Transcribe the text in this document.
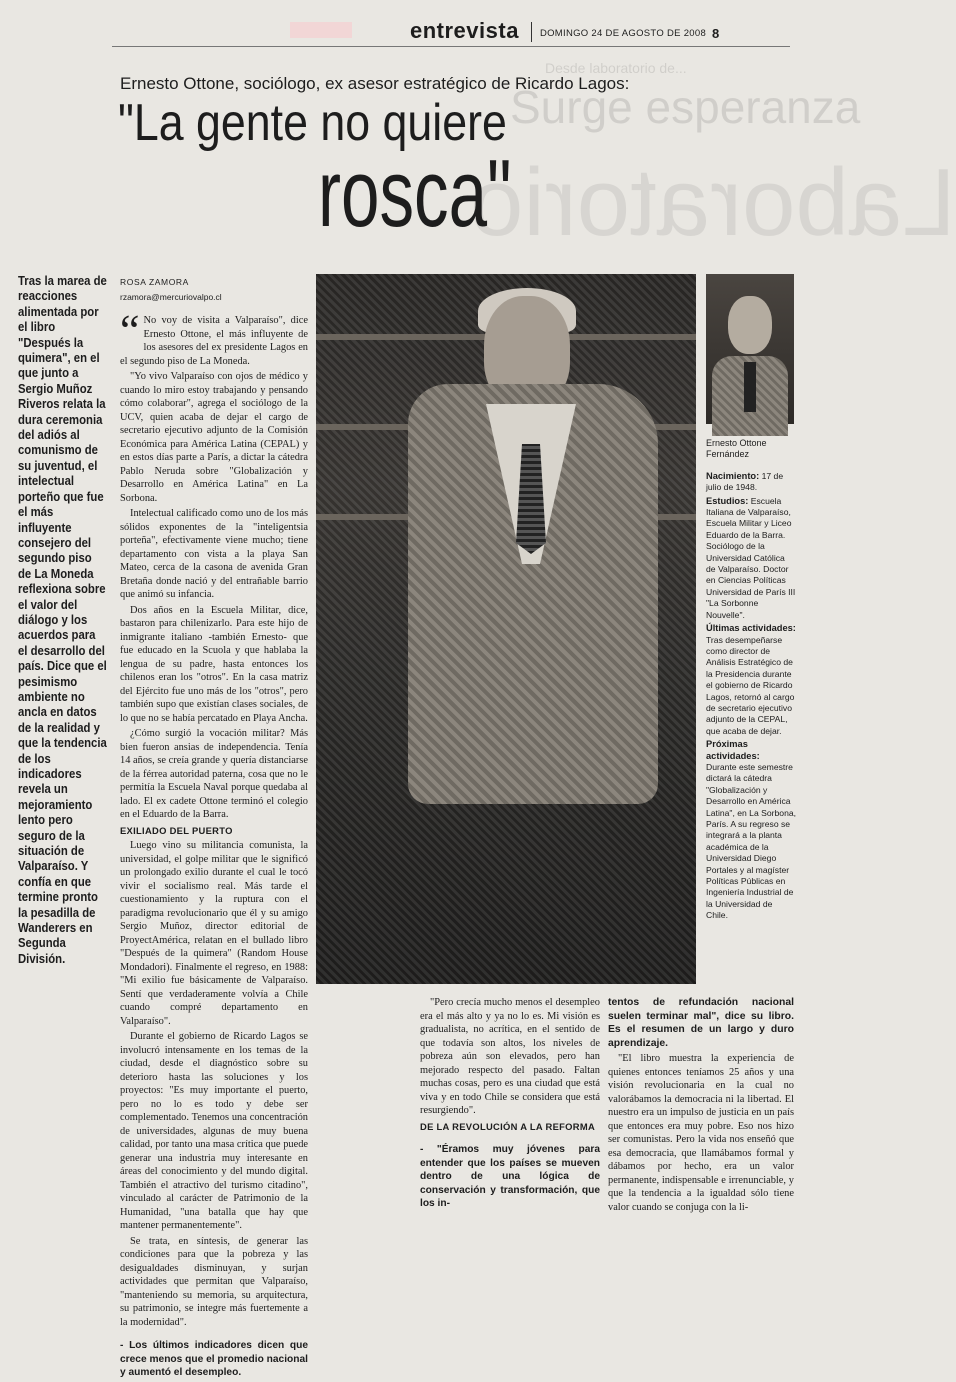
Desde laboratorio de...
Surge esperanza
Laboratorio
entrevista DOMINGO 24 DE AGOSTO DE 2008 8
Ernesto Ottone, sociólogo, ex asesor estratégico de Ricardo Lagos:
"La gente no quiere
rosca"
Tras la marea de reacciones alimentada por el libro "Después la quimera", en el que junto a Sergio Muñoz Riveros relata la dura ceremonia del adiós al comunismo de su juventud, el intelectual porteño que fue el más influyente consejero del segundo piso de La Moneda reflexiona sobre el valor del diálogo y los acuerdos para el desarrollo del país. Dice que el pesimismo ambiente no ancla en datos de la realidad y que la tendencia de los indicadores revela un mejoramiento lento pero seguro de la situación de Valparaíso. Y confía en que termine pronto la pesadilla de Wanderers en Segunda División.
ROSA ZAMORA
rzamora@mercuriovalpo.cl

“ No voy de visita a Valparaíso", dice Ernesto Ottone, el más influyente de los asesores del ex presidente Lagos en el segundo piso de La Moneda.

"Yo vivo Valparaíso con ojos de médico y cuando lo miro estoy trabajando y pensando cómo colaborar", agrega el sociólogo de la UCV, quien acaba de dejar el cargo de secretario ejecutivo adjunto de la Comisión Económica para América Latina (CEPAL) y en estos días parte a París, a dictar la cátedra Pablo Neruda sobre "Globalización y Desarrollo en América Latina" en La Sorbona.

Intelectual calificado como uno de los más sólidos exponentes de la "inteligentsia porteña", efectivamente viene mucho; tiene departamento con vista a la playa San Mateo, cerca de la casona de avenida Gran Bretaña donde nació y del entrañable barrio que animó su infancia.

Dos años en la Escuela Militar, dice, bastaron para chilenizarlo. Para este hijo de inmigrante italiano -también Ernesto- que fue educado en la Scuola y que hablaba la lengua de su padre, hasta entonces los chilenos eran los "otros". En la casa matriz del Ejército fue uno más de los "otros", pero también supo que existían clases sociales, de lo que no se había percatado en Playa Ancha.

¿Cómo surgió la vocación militar? Más bien fueron ansias de independencia. Tenía 14 años, se creía grande y quería distanciarse de la férrea autoridad paterna, cosa que no le permitía la Escuela Naval porque quedaba al lado. El ex cadete Ottone terminó el colegio en el Eduardo de la Barra.

EXILIADO DEL PUERTO

Luego vino su militancia comunista, la universidad, el golpe militar que le significó un prolongado exilio durante el cual le tocó vivir el socialismo real. Más tarde el cuestionamiento y la ruptura con el paradigma revolucionario que él y su amigo Sergio Muñoz, director editorial de ProyectAmérica, relatan en el bullado libro "Después de la quimera" (Random House Mondadori). Finalmente el regreso, en 1988: "Mi exilio fue básicamente de Valparaíso. Sentí que verdaderamente volvía a Chile cuando compré departamento en Valparaíso".

Durante el gobierno de Ricardo Lagos se involucró intensamente en los temas de la ciudad, desde el diagnóstico sobre su deterioro hasta las soluciones y los proyectos: "Es muy importante el puerto, pero no lo es todo y debe ser complementado. Tenemos una concentración de universidades, algunas de muy buena calidad, por tanto una masa crítica que puede generar una industria muy interesante en áreas del conocimiento y del mundo digital. También el atractivo del turismo citadino", vinculado al carácter de Patrimonio de la Humanidad, "una batalla que hay que mantener permanentemente".

Se trata, en síntesis, de generar las condiciones para que la pobreza y las desigualdades disminuyan, y surjan actividades que permitan que Valparaíso, "manteniendo su memoria, su arquitectura, su patrimonio, se integre más fuertemente a la modernidad".

- Los últimos indicadores dicen que crece menos que el promedio nacional y aumentó el desempleo.

Ernesto Ottone Fernández

Nacimiento: 17 de julio de 1948.

Estudios: Escuela Italiana de Valparaíso, Escuela Militar y Liceo Eduardo de la Barra. Sociólogo de la Universidad Católica de Valparaíso. Doctor en Ciencias Políticas Universidad de París III "La Sorbonne Nouvelle".

Últimas actividades:
Tras desempeñarse como director de Análisis Estratégico de la Presidencia durante el gobierno de Ricardo Lagos, retornó al cargo de secretario ejecutivo adjunto de la CEPAL, que acaba de dejar.

Próximas actividades:
Durante este semestre dictará la cátedra "Globalización y Desarrollo en América Latina", en La Sorbona, París. A su regreso se integrará a la planta académica de la Universidad Diego Portales y al magíster Políticas Públicas en Ingeniería Industrial de la Universidad de Chile.

"Pero crecía mucho menos el desempleo era el más alto y ya no lo es. Mi visión es gradualista, no acrítica, en el sentido de que todavía son altos, los niveles de pobreza aún son elevados, pero han mejorado respecto del pasado. Faltan muchas cosas, pero es una ciudad que está viva y en todo Chile se considera que está resurgiendo".

DE LA REVOLUCIÓN A LA REFORMA

- "Éramos muy jóvenes para entender que los países se mueven dentro de una lógica de conservación y transformación, que los in-

tentos de refundación nacional suelen terminar mal", dice su libro. Es el resumen de un largo y duro aprendizaje.

"El libro muestra la experiencia de quienes entonces teníamos 25 años y una visión revolucionaria en la cual no valorábamos la democracia ni la libertad. El nuestro era un impulso de justicia en un país que entonces era muy pobre. Eso nos hizo ser comunistas. Pero la vida nos enseñó que esa democracia, que llamábamos formal y dábamos por hecho, era un valor permanente, indispensable e irrenunciable, y que la tendencia a la igualdad sólo tiene valor cuando se conjuga con la li-
